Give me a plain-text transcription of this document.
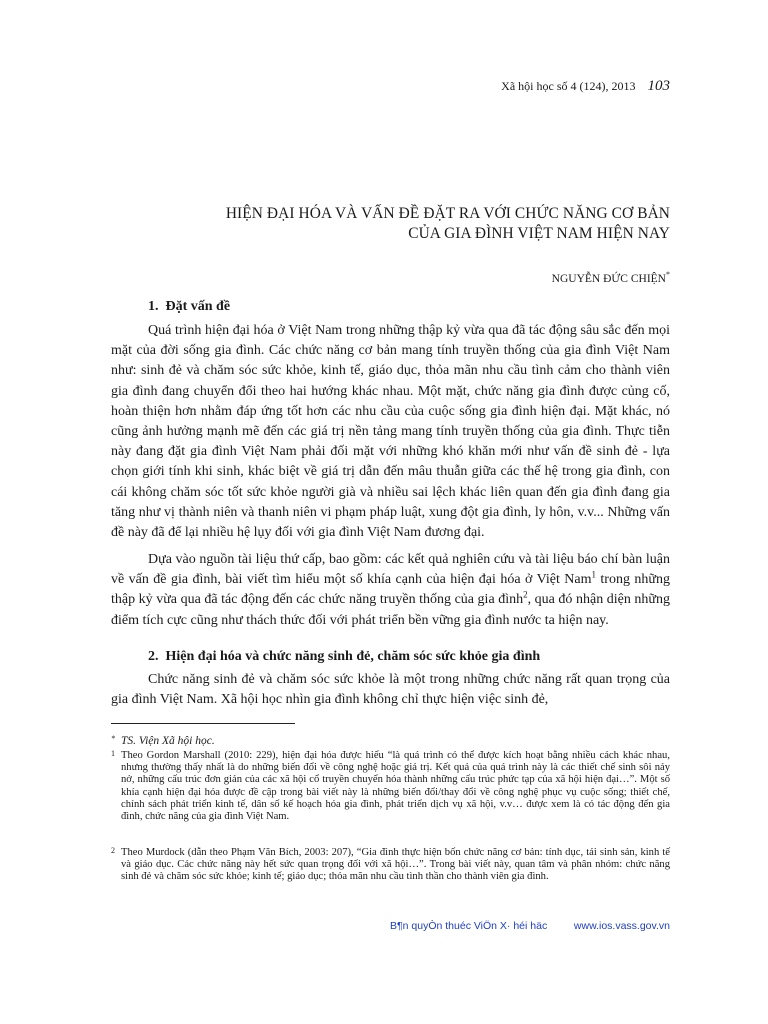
Xã hội học số 4 (124), 2013 103
HIỆN ĐẠI HÓA VÀ VẤN ĐỀ ĐẶT RA VỚI CHỨC NĂNG CƠ BẢN
CỦA GIA ĐÌNH VIỆT NAM HIỆN NAY
NGUYỄN ĐỨC CHIỆN*
1. Đặt vấn đề
Quá trình hiện đại hóa ở Việt Nam trong những thập kỷ vừa qua đã tác động sâu sắc đến mọi mặt của đời sống gia đình. Các chức năng cơ bản mang tính truyền thống của gia đình Việt Nam như: sinh đẻ và chăm sóc sức khỏe, kinh tế, giáo dục, thỏa mãn nhu cầu tình cảm cho thành viên gia đình đang chuyển đổi theo hai hướng khác nhau. Một mặt, chức năng gia đình được củng cố, hoàn thiện hơn nhằm đáp ứng tốt hơn các nhu cầu của cuộc sống gia đình hiện đại. Mặt khác, nó cũng ảnh hưởng mạnh mẽ đến các giá trị nền tảng mang tính truyền thống của gia đình. Thực tiễn này đang đặt gia đình Việt Nam phải đối mặt với những khó khăn mới như vấn đề sinh đẻ - lựa chọn giới tính khi sinh, khác biệt về giá trị dẫn đến mâu thuẫn giữa các thế hệ trong gia đình, con cái không chăm sóc tốt sức khỏe người già và nhiều sai lệch khác liên quan đến gia đình đang gia tăng như vị thành niên và thanh niên vi phạm pháp luật, xung đột gia đình, ly hôn, v.v... Những vấn đề này đã để lại nhiều hệ lụy đối với gia đình Việt Nam đương đại.
Dựa vào nguồn tài liệu thứ cấp, bao gồm: các kết quả nghiên cứu và tài liệu báo chí bàn luận về vấn đề gia đình, bài viết tìm hiểu một số khía cạnh của hiện đại hóa ở Việt Nam$^1$ trong những thập kỷ vừa qua đã tác động đến các chức năng truyền thống của gia đình$^2$, qua đó nhận diện những điểm tích cực cũng như thách thức đối với phát triển bền vững gia đình nước ta hiện nay.
2. Hiện đại hóa và chức năng sinh đẻ, chăm sóc sức khỏe gia đình
Chức năng sinh đẻ và chăm sóc sức khỏe là một trong những chức năng rất quan trọng của gia đình Việt Nam. Xã hội học nhìn gia đình không chỉ thực hiện việc sinh đẻ,
* TS. Viện Xã hội học.
1 Theo Gordon Marshall (2010: 229), hiện đại hóa được hiểu “là quá trình có thể được kích hoạt bằng nhiều cách khác nhau, nhưng thường thấy nhất là do những biến đổi về công nghệ hoặc giá trị. Kết quả của quá trình này là các thiết chế sinh sôi nảy nở, những cấu trúc đơn giản của các xã hội cổ truyền chuyển hóa thành những cấu trúc phức tạp của xã hội hiện đại…”. Một số khía cạnh hiện đại hóa được đề cập trong bài viết này là những biến đổi/thay đổi về công nghệ phục vụ cuộc sống; thiết chế, chính sách phát triển kinh tế, dân số kế hoạch hóa gia đình, phát triển dịch vụ xã hội, v.v… được xem là có tác động đến gia đình, chức năng của gia đình Việt Nam.
2 Theo Murdock (dẫn theo Phạm Văn Bích, 2003: 207), “Gia đình thực hiện bốn chức năng cơ bản: tính dục, tái sinh sản, kinh tế và giáo dục. Các chức năng này hết sức quan trọng đối với xã hội…”. Trong bài viết này, quan tâm và phân nhóm: chức năng sinh đẻ và chăm sóc sức khỏe; kinh tế; giáo dục; thỏa mãn nhu cầu tình thần cho thành viên gia đình.
B¶n quyÒn thuéc ViÖn X· héi häc	www.ios.vass.gov.vn
